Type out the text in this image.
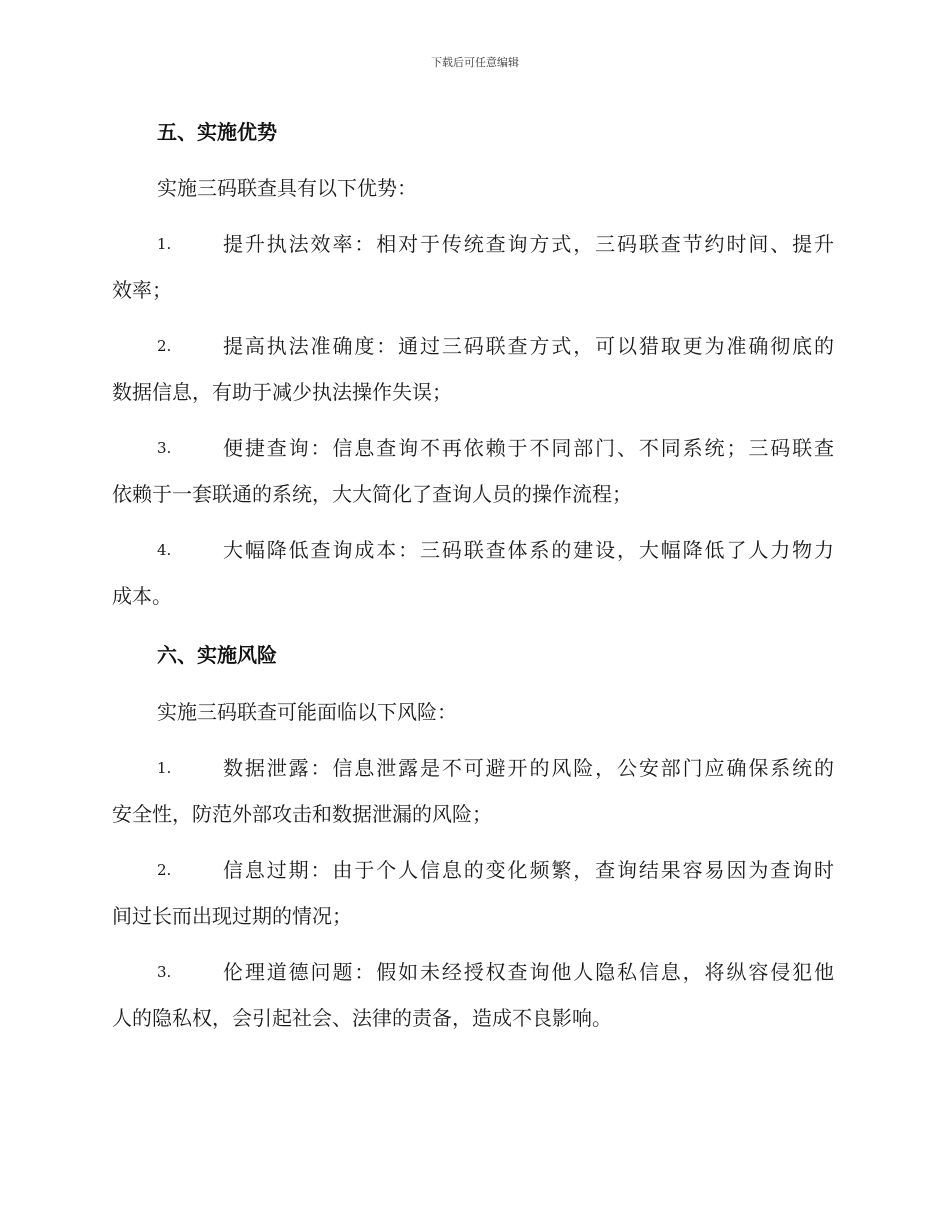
下载后可任意编辑
五、实施优势
实施三码联查具有以下优势：
1.	提升执法效率：相对于传统查询方式，三码联查节约时间、提升
效率；
2.	提高执法准确度：通过三码联查方式，可以猎取更为准确彻底的
数据信息，有助于减少执法操作失误；
3.	便捷查询：信息查询不再依赖于不同部门、不同系统；三码联查
依赖于一套联通的系统，大大简化了查询人员的操作流程；
4.	大幅降低查询成本：三码联查体系的建设，大幅降低了人力物力
成本。
六、实施风险
实施三码联查可能面临以下风险：
1.	数据泄露：信息泄露是不可避开的风险，公安部门应确保系统的
安全性，防范外部攻击和数据泄漏的风险；
2.	信息过期：由于个人信息的变化频繁，查询结果容易因为查询时
间过长而出现过期的情况；
3.	伦理道德问题：假如未经授权查询他人隐私信息，将纵容侵犯他
人的隐私权，会引起社会、法律的责备，造成不良影响。
